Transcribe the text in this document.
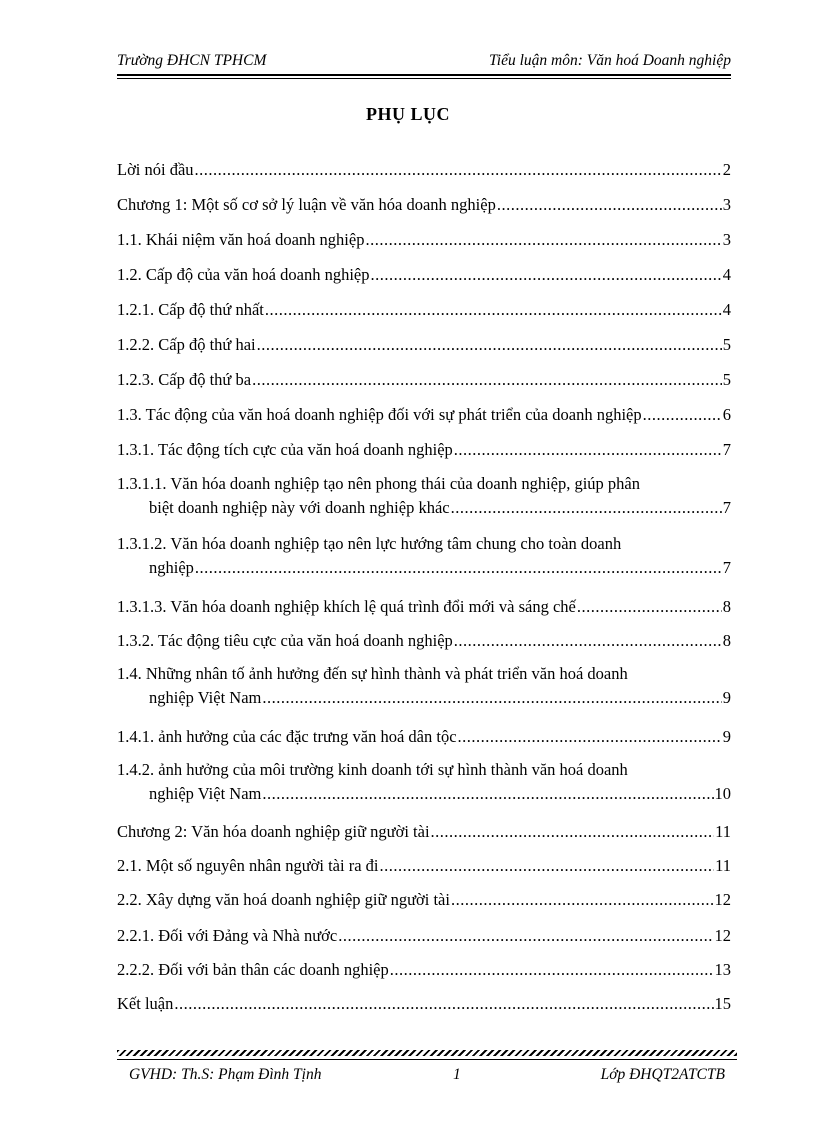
Trường ĐHCN TPHCM	Tiểu luận môn: Văn hoá Doanh nghiệp
PHỤ LỤC
Lời nói đầu .....	2
Chương 1: Một số cơ sở lý luận về văn hóa doanh nghiệp .....	3
1.1. Khái niệm văn hoá doanh nghiệp .....	3
1.2. Cấp độ của văn hoá doanh nghiệp .....	4
1.2.1. Cấp độ thứ nhất .....	4
1.2.2. Cấp độ thứ hai .....	5
1.2.3. Cấp độ thứ ba .....	5
1.3. Tác động của văn hoá doanh nghiệp đối với sự phát triển của doanh nghiệp .....	6
1.3.1. Tác động tích cực của văn hoá doanh nghiệp .....	7
1.3.1.1. Văn hóa doanh nghiệp tạo nên phong thái của doanh nghiệp, giúp phân
biệt doanh nghiệp này với doanh nghiệp khác .....	7
1.3.1.2. Văn hóa doanh nghiệp tạo nên lực hướng tâm chung cho toàn doanh
nghiệp .....	7
1.3.1.3. Văn hóa doanh nghiệp khích lệ quá trình đổi mới và sáng chế .....	8
1.3.2. Tác động tiêu cực của văn hoá doanh nghiệp .....	8
1.4. Những nhân tố ảnh hưởng đến sự hình thành và phát triển văn hoá doanh
nghiệp Việt Nam .....	9
1.4.1. ảnh hưởng của các đặc trưng văn hoá dân tộc .....	9
1.4.2. ảnh hưởng của môi trường kinh doanh tới sự hình thành văn hoá doanh
nghiệp Việt Nam .....	10
Chương 2: Văn hóa doanh nghiệp giữ người tài .....	11
2.1. Một số nguyên nhân người tài ra đi .....	11
2.2. Xây dựng văn hoá doanh nghiệp giữ người tài .....	12
2.2.1. Đối với Đảng và Nhà nước .....	12
2.2.2. Đối với bản thân các doanh nghiệp .....	13
Kết luận .....	15
GVHD: Th.S: Phạm Đình Tịnh	1	Lớp ĐHQT2ATCTB
